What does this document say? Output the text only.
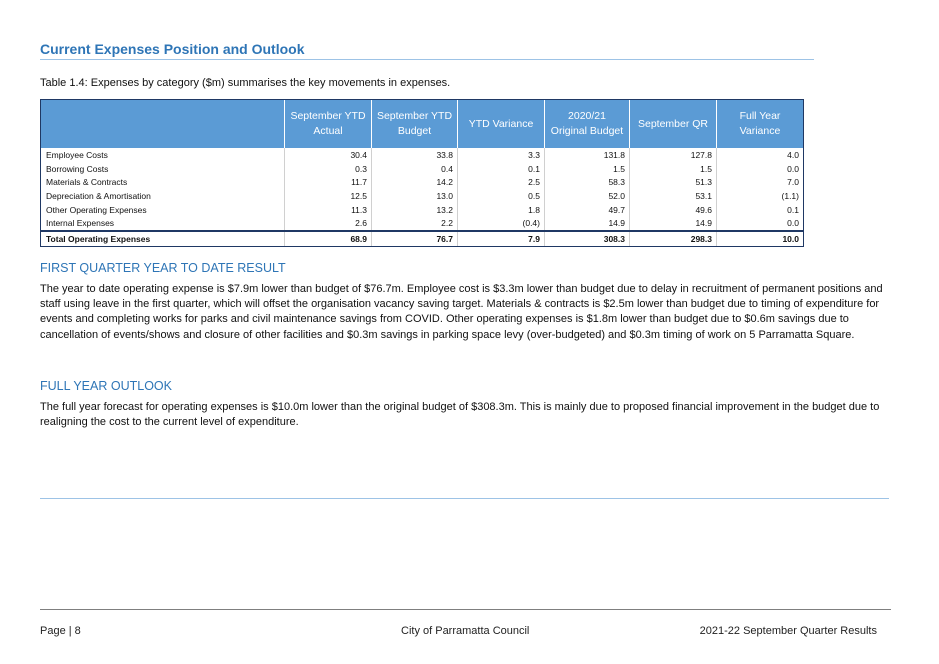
Current Expenses Position and Outlook
Table 1.4: Expenses by category ($m) summarises the key movements in expenses.
	September YTD Actual	September YTD Budget	YTD Variance	2020/21 Original Budget	September QR	Full Year Variance
Employee Costs	30.4	33.8	3.3	131.8	127.8	4.0
Borrowing Costs	0.3	0.4	0.1	1.5	1.5	0.0
Materials & Contracts	11.7	14.2	2.5	58.3	51.3	7.0
Depreciation & Amortisation	12.5	13.0	0.5	52.0	53.1	(1.1)
Other Operating Expenses	11.3	13.2	1.8	49.7	49.6	0.1
Internal Expenses	2.6	2.2	(0.4)	14.9	14.9	0.0
Total Operating Expenses	68.9	76.7	7.9	308.3	298.3	10.0
FIRST QUARTER YEAR TO DATE RESULT
The year to date operating expense is $7.9m lower than budget of $76.7m. Employee cost is $3.3m lower than budget due to delay in recruitment of permanent positions and staff using leave in the first quarter, which will offset the organisation vacancy saving target. Materials & contracts is $2.5m lower than budget due to timing of expenditure for events and completing works for parks and civil maintenance savings from COVID. Other operating expenses is $1.8m lower than budget due to $0.6m savings due to cancellation of events/shows and closure of other facilities and $0.3m savings in parking space levy (over-budgeted) and $0.3m timing of work on 5 Parramatta Square.
FULL YEAR OUTLOOK
The full year forecast for operating expenses is $10.0m lower than the original budget of $308.3m. This is mainly due to proposed financial improvement in the budget due to realigning the cost to the current level of expenditure.
Page | 8	City of Parramatta Council	2021-22 September Quarter Results
